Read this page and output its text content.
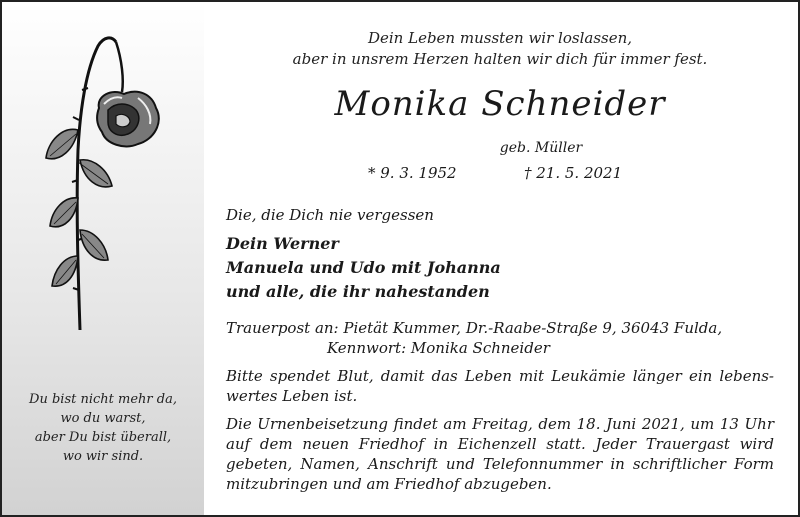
Du bist nicht mehr da,
wo du warst,
aber Du bist überall,
wo wir sind.
Dein Leben mussten wir loslassen,
aber in unsrem Herzen halten wir dich für immer fest.
Monika Schneider
geb. Müller
* 9. 3. 1952	† 21. 5. 2021
Die, die Dich nie vergessen
Dein Werner
Manuela und Udo mit Johanna
und alle, die ihr nahestanden
Trauerpost an: Pietät Kummer, Dr.-Raabe-Straße 9, 36043 Fulda,
Kennwort: Monika Schneider
Bitte spendet Blut, damit das Leben mit Leukämie länger ein lebens-
wertes Leben ist.
Die Urnenbeisetzung findet am Freitag, dem 18. Juni 2021, um 13 Uhr
auf dem neuen Friedhof in Eichenzell statt. Jeder Trauergast wird
gebeten, Namen, Anschrift und Telefonnummer in schriftlicher Form
mitzubringen und am Friedhof abzugeben.
